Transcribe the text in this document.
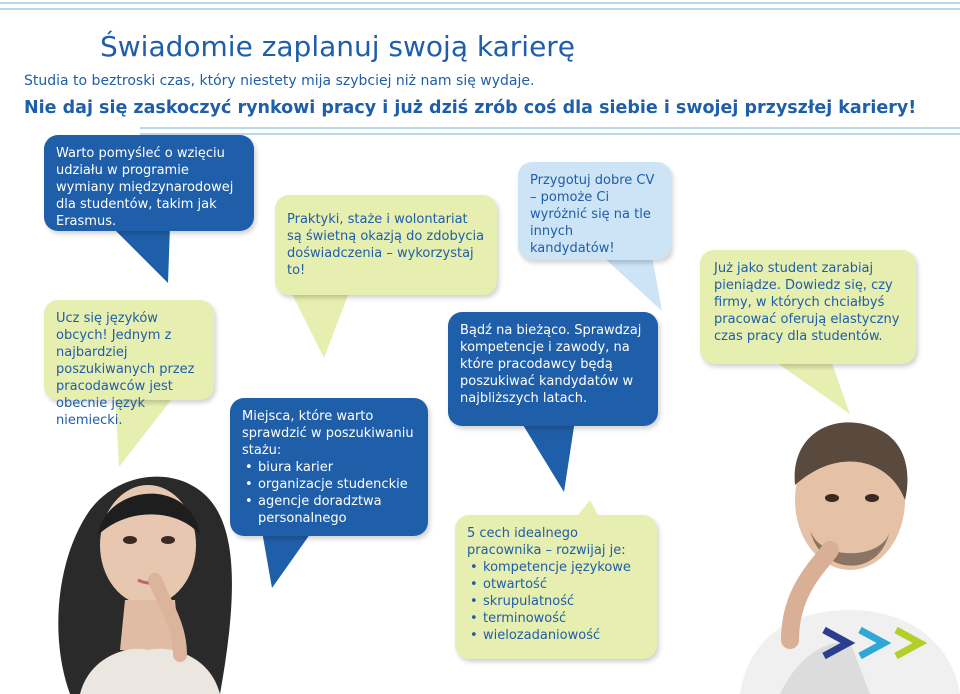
Świadomie zaplanuj swoją karierę

Studia to beztroski czas, który niestety mija szybciej niż nam się wydaje.

Nie daj się zaskoczyć rynkowi pracy i już dziś zrób coś dla siebie i swojej przyszłej kariery!

Warto pomyśleć o wzięciu udziału w programie wymiany międzynarodowej dla studentów, takim jak Erasmus.

Ucz się języków obcych! Jednym z najbardziej poszukiwanych przez pracodawców jest obecnie język niemiecki.

Praktyki, staże i wolontariat są świetną okazją do zdobycia doświadczenia – wykorzystaj to!

Miejsca, które warto sprawdzić w poszukiwaniu stażu:

• biura karier
• organizacje studenckie
• agencje doradztwa personalnego

Przygotuj dobre CV – pomoże Ci wyróżnić się na tle innych kandydatów!

Bądź na bieżąco. Sprawdzaj kompetencje i zawody, na które pracodawcy będą poszukiwać kandydatów w najbliższych latach.

Już jako student zarabiaj pieniądze. Dowiedz się, czy firmy, w których chciałbyś pracować oferują elastyczny czas pracy dla studentów.

5 cech idealnego pracownika – rozwijaj je:

• kompetencje językowe
• otwartość
• skrupulatność
• terminowość
• wielozadaniowość
